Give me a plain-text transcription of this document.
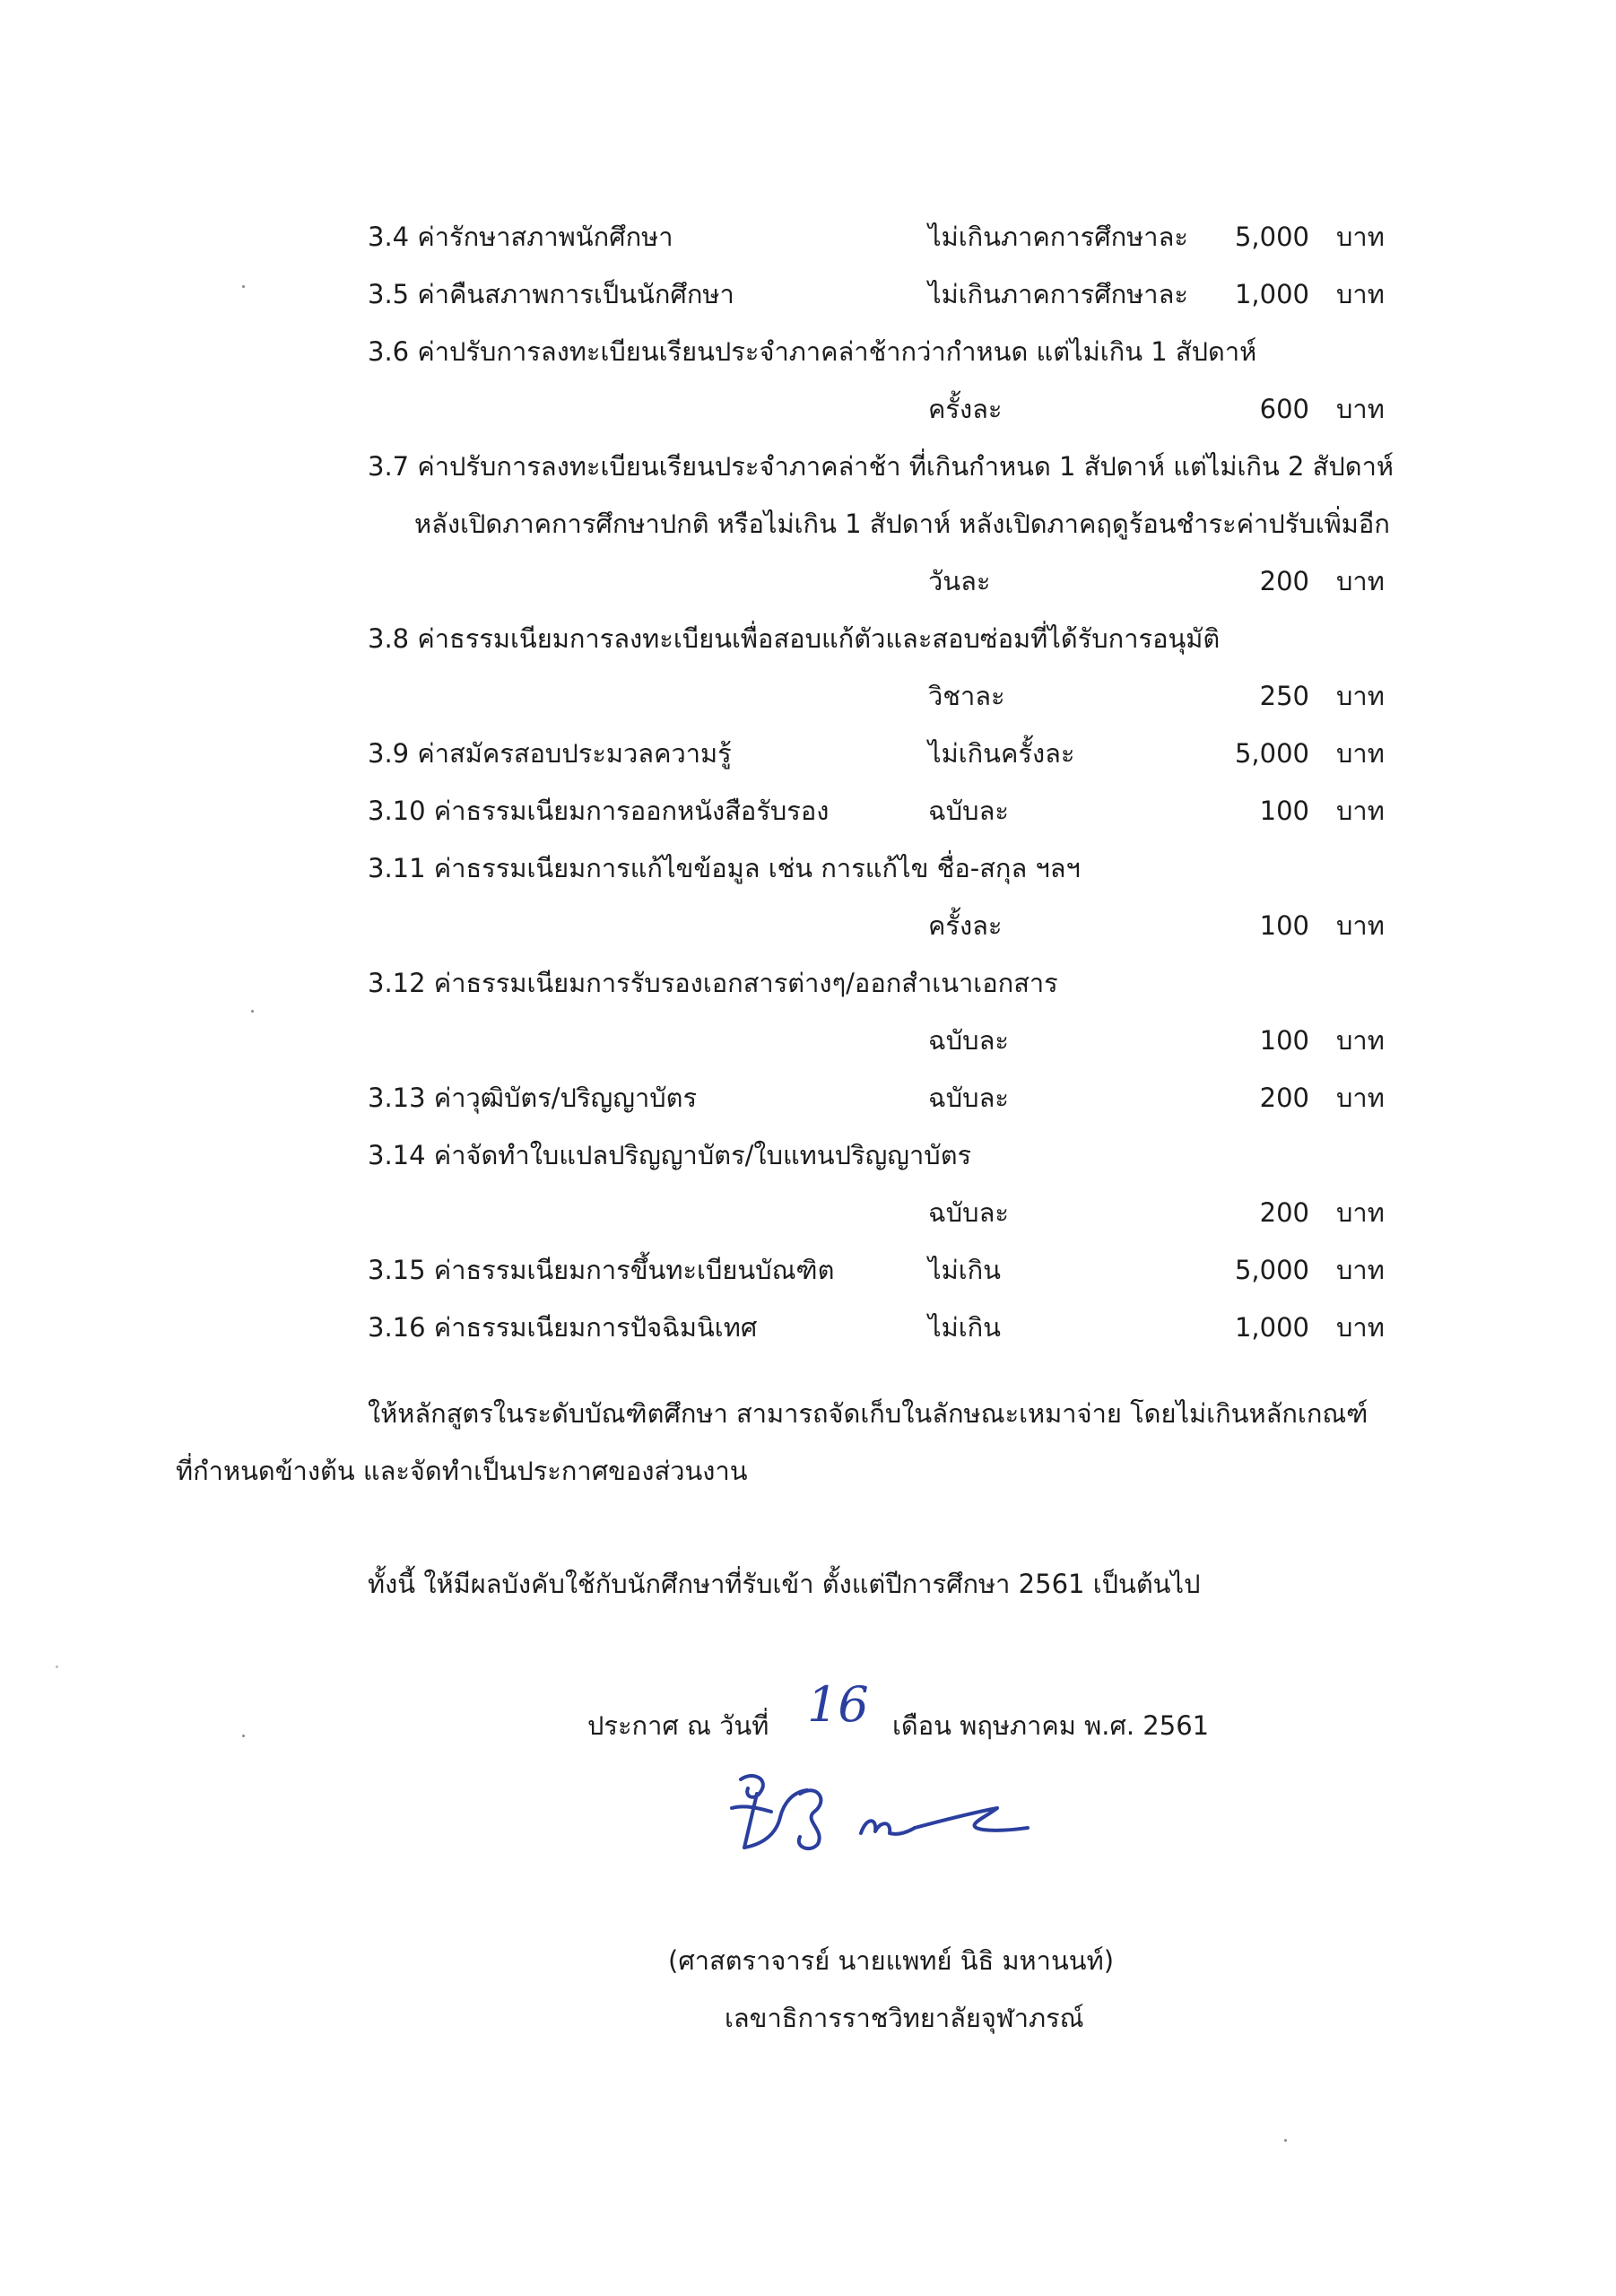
3.4 ค่ารักษาสภาพนักศึกษา	ไม่เกินภาคการศึกษาละ	5,000 บาท
3.5 ค่าคืนสภาพการเป็นนักศึกษา	ไม่เกินภาคการศึกษาละ	1,000 บาท
3.6 ค่าปรับการลงทะเบียนเรียนประจำภาคล่าช้ากว่ากำหนด แต่ไม่เกิน 1 สัปดาห์
ครั้งละ	600 บาท
3.7 ค่าปรับการลงทะเบียนเรียนประจำภาคล่าช้า ที่เกินกำหนด 1 สัปดาห์ แต่ไม่เกิน 2 สัปดาห์
หลังเปิดภาคการศึกษาปกติ หรือไม่เกิน 1 สัปดาห์ หลังเปิดภาคฤดูร้อนชำระค่าปรับเพิ่มอีก
วันละ	200 บาท
3.8 ค่าธรรมเนียมการลงทะเบียนเพื่อสอบแก้ตัวและสอบซ่อมที่ได้รับการอนุมัติ
วิชาละ	250 บาท
3.9 ค่าสมัครสอบประมวลความรู้	ไม่เกินครั้งละ	5,000 บาท
3.10 ค่าธรรมเนียมการออกหนังสือรับรอง	ฉบับละ	100 บาท
3.11 ค่าธรรมเนียมการแก้ไขข้อมูล เช่น การแก้ไข ชื่อ-สกุล ฯลฯ
ครั้งละ	100 บาท
3.12 ค่าธรรมเนียมการรับรองเอกสารต่างๆ/ออกสำเนาเอกสาร
ฉบับละ	100 บาท
3.13 ค่าวุฒิบัตร/ปริญญาบัตร	ฉบับละ	200 บาท
3.14 ค่าจัดทำใบแปลปริญญาบัตร/ใบแทนปริญญาบัตร
ฉบับละ	200 บาท
3.15 ค่าธรรมเนียมการขึ้นทะเบียนบัณฑิต	ไม่เกิน	5,000 บาท
3.16 ค่าธรรมเนียมการปัจฉิมนิเทศ	ไม่เกิน	1,000 บาท
ให้หลักสูตรในระดับบัณฑิตศึกษา สามารถจัดเก็บในลักษณะเหมาจ่าย โดยไม่เกินหลักเกณฑ์
ที่กำหนดข้างต้น และจัดทำเป็นประกาศของส่วนงาน
ทั้งนี้ ให้มีผลบังคับใช้กับนักศึกษาที่รับเข้า ตั้งแต่ปีการศึกษา 2561 เป็นต้นไป
ประกาศ ณ วันที่ 16 เดือน พฤษภาคม พ.ศ. 2561
(ศาสตราจารย์ นายแพทย์ นิธิ มหานนท์)
เลขาธิการราชวิทยาลัยจุฬาภรณ์
